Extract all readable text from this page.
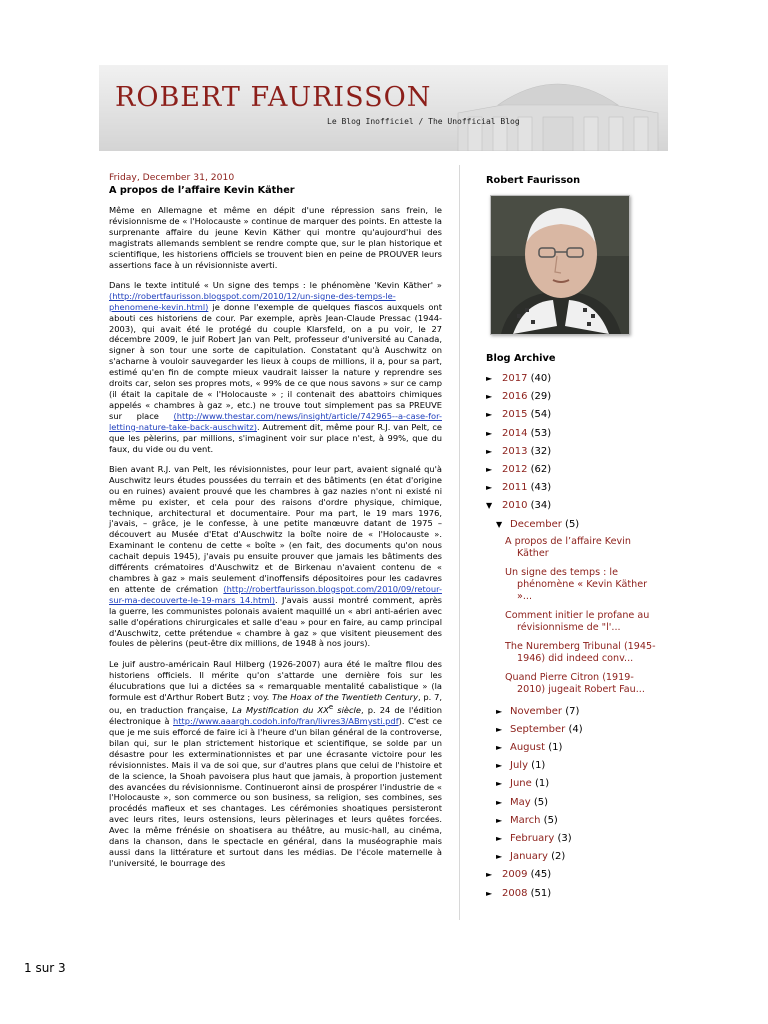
ROBERT FAURISSON
Le Blog Inofficiel / The Unofficial Blog
Friday, December 31, 2010
A propos de l’affaire Kevin Käther

Même en Allemagne et même en dépit d'une répression sans frein, le révisionnisme de « l'Holocauste » continue de marquer des points. En atteste la surprenante affaire du jeune Kevin Käther qui montre qu'aujourd'hui des magistrats allemands semblent se rendre compte que, sur le plan historique et scientifique, les historiens officiels se trouvent bien en peine de PROUVER leurs assertions face à un révisionniste averti.

Dans le texte intitulé « Un signe des temps : le phénomène 'Kevin Käther' » (http://robertfaurisson.blogspot.com/2010/12/un-signe-des-temps-le-phenomene-kevin.html) je donne l'exemple de quelques fiascos auxquels ont abouti ces historiens de cour. Par exemple, après Jean-Claude Pressac (1944-2003), qui avait été le protégé du couple Klarsfeld, on a pu voir, le 27 décembre 2009, le juif Robert Jan van Pelt, professeur d'université au Canada, signer à son tour une sorte de capitulation. Constatant qu'à Auschwitz on s'acharne à vouloir sauvegarder les lieux à coups de millions, il a, pour sa part, estimé qu'en fin de compte mieux vaudrait laisser la nature y reprendre ses droits car, selon ses propres mots, « 99% de ce que nous savons » sur ce camp (il était la capitale de « l'Holocauste » ; il contenait des abattoirs chimiques appelés « chambres à gaz », etc.) ne trouve tout simplement pas sa PREUVE sur place (http://www.thestar.com/news/insight/article/742965--a-case-for-letting-nature-take-back-auschwitz). Autrement dit, même pour R.J. van Pelt, ce que les pèlerins, par millions, s'imaginent voir sur place n'est, à 99%, que du faux, du vide ou du vent.

Bien avant R.J. van Pelt, les révisionnistes, pour leur part, avaient signalé qu'à Auschwitz leurs études poussées du terrain et des bâtiments (en état d'origine ou en ruines) avaient prouvé que les chambres à gaz nazies n'ont ni existé ni même pu exister, et cela pour des raisons d'ordre physique, chimique, technique, architectural et documentaire. Pour ma part, le 19 mars 1976, j'avais, – grâce, je le confesse, à une petite manœuvre datant de 1975 – découvert au Musée d'Etat d'Auschwitz la boîte noire de « l'Holocauste ». Examinant le contenu de cette « boîte » (en fait, des documents qu'on nous cachait depuis 1945), j'avais pu ensuite prouver que jamais les bâtiments des différents crématoires d'Auschwitz et de Birkenau n'avaient contenu de « chambres à gaz » mais seulement d'inoffensifs dépositoires pour les cadavres en attente de crémation (http://robertfaurisson.blogspot.com/2010/09/retour-sur-ma-decouverte-le-19-mars_14.html). J'avais aussi montré comment, après la guerre, les communistes polonais avaient maquillé un « abri anti-aérien avec salle d'opérations chirurgicales et salle d'eau » pour en faire, au camp principal d'Auschwitz, cette prétendue « chambre à gaz » que visitent pieusement des foules de pèlerins (peut-être dix millions, de 1948 à nos jours).

Le juif austro-américain Raul Hilberg (1926-2007) aura été le maître filou des historiens officiels. Il mérite qu'on s'attarde une dernière fois sur les élucubrations que lui a dictées sa « remarquable mentalité cabalistique » (la formule est d'Arthur Robert Butz ; voy. The Hoax of the Twentieth Century, p. 7, ou, en traduction française, La Mystification du XXe siècle, p. 24 de l'édition électronique à http://www.aaargh.codoh.info/fran/livres3/ABmysti.pdf). C'est ce que je me suis efforcé de faire ici à l'heure d'un bilan général de la controverse, bilan qui, sur le plan strictement historique et scientifique, se solde par un désastre pour les exterminationnistes et par une écrasante victoire pour les révisionnistes. Mais il va de soi que, sur d'autres plans que celui de l'histoire et de la science, la Shoah pavoisera plus haut que jamais, à proportion justement des avancées du révisionnisme. Continueront ainsi de prospérer l'industrie de « l'Holocauste », son commerce ou son business, sa religion, ses combines, ses procédés mafieux et ses chantages. Les cérémonies shoatiques persisteront avec leurs rites, leurs ostensions, leurs pèlerinages et leurs quêtes forcées. Avec la même frénésie on shoatisera au théâtre, au music-hall, au cinéma, dans la chanson, dans le spectacle en général, dans la muséographie mais aussi dans la littérature et surtout dans les médias. De l'école maternelle à l'université, le bourrage des

Robert Faurisson
Blog Archive
► 2017 (40)
► 2016 (29)
► 2015 (54)
► 2014 (53)
► 2013 (32)
► 2012 (62)
► 2011 (43)
▼ 2010 (34)
▼ December (5)
A propos de l’affaire Kevin Käther
Un signe des temps : le phénomène « Kevin Käther »...
Comment initier le profane au révisionnisme de "l'...
The Nuremberg Tribunal (1945-1946) did indeed conv...
Quand Pierre Citron (1919-2010) jugeait Robert Fau...
► November (7)
► September (4)
► August (1)
► July (1)
► June (1)
► May (5)
► March (5)
► February (3)
► January (2)
► 2009 (45)
► 2008 (51)
1 sur 3
